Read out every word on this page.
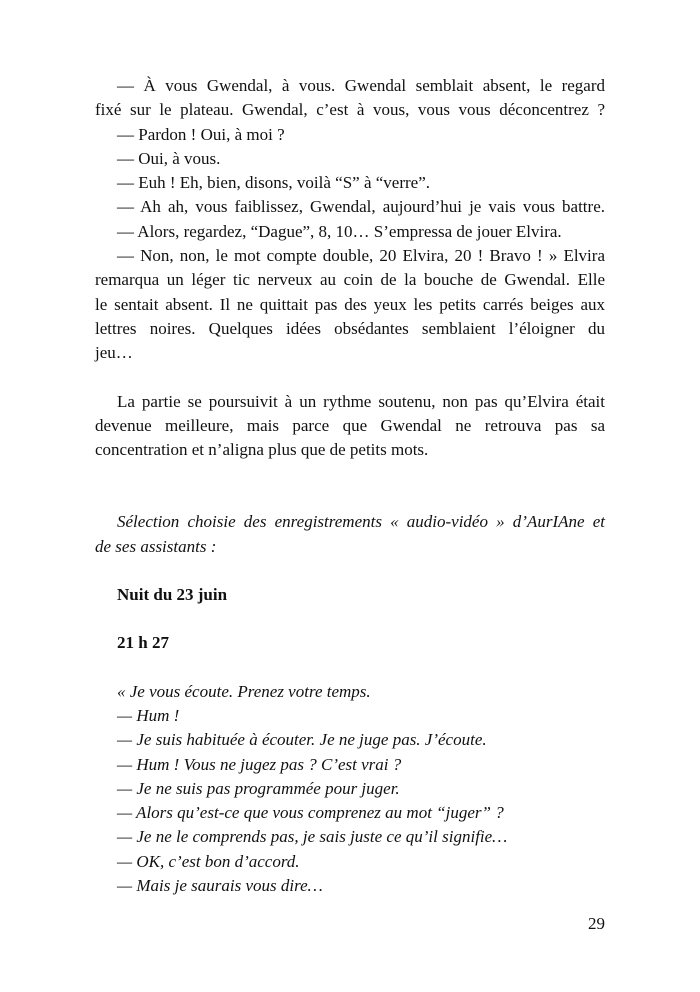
— À vous Gwendal, à vous. Gwendal semblait absent, le regard
fixé sur le plateau. Gwendal, c’est à vous, vous vous déconcentrez ?
— Pardon ! Oui, à moi ?
— Oui, à vous.
— Euh ! Eh, bien, disons, voilà “S” à “verre”.
— Ah ah, vous faiblissez, Gwendal, aujourd’hui je vais vous battre.
— Alors, regardez, “Dague”, 8, 10… S’empressa de jouer Elvira.
— Non, non, le mot compte double, 20 Elvira, 20 ! Bravo ! » Elvira
remarqua un léger tic nerveux au coin de la bouche de Gwendal. Elle
le sentait absent. Il ne quittait pas des yeux les petits carrés beiges aux
lettres noires. Quelques idées obsédantes semblaient l’éloigner du
jeu…
La partie se poursuivit à un rythme soutenu, non pas qu’Elvira était
devenue meilleure, mais parce que Gwendal ne retrouva pas sa
concentration et n’aligna plus que de petits mots.
Sélection choisie des enregistrements « audio-vidéo » d’AurIAne et
de ses assistants :
Nuit du 23 juin
21 h 27
« Je vous écoute. Prenez votre temps.
— Hum !
— Je suis habituée à écouter. Je ne juge pas. J’écoute.
— Hum ! Vous ne jugez pas ? C’est vrai ?
— Je ne suis pas programmée pour juger.
— Alors qu’est-ce que vous comprenez au mot “juger” ?
— Je ne le comprends pas, je sais juste ce qu’il signifie…
— OK, c’est bon d’accord.
— Mais je saurais vous dire…
29
